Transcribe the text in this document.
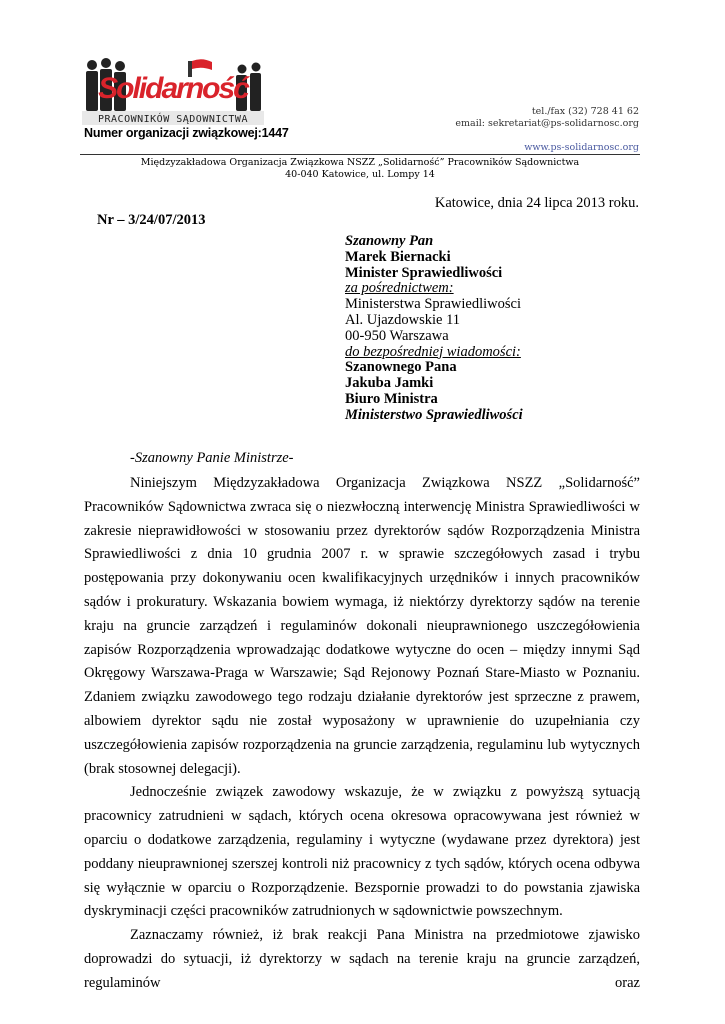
Solidarność
PRACOWNIKÓW SĄDOWNICTWA
Numer organizacji związkowej:1447
tel./fax (32) 728 41 62
email: sekretariat@ps-solidarnosc.org
www.ps-solidarnosc.org
Międzyzakładowa Organizacja Związkowa NSZZ „Solidarność” Pracowników Sądownictwa
40-040 Katowice, ul. Lompy 14
Katowice, dnia 24 lipca 2013 roku.
Nr – 3/24/07/2013
Szanowny Pan
Marek Biernacki
Minister Sprawiedliwości
za pośrednictwem:
Ministerstwa Sprawiedliwości
Al. Ujazdowskie 11
00-950 Warszawa
do bezpośredniej wiadomości:
Szanownego Pana
Jakuba Jamki
Biuro Ministra
Ministerstwo Sprawiedliwości
-Szanowny Panie Ministrze-

Niniejszym Międzyzakładowa Organizacja Związkowa NSZZ „Solidarność” Pracowników Sądownictwa zwraca się o niezwłoczną interwencję Ministra Sprawiedliwości w zakresie nieprawidłowości w stosowaniu przez dyrektorów sądów Rozporządzenia Ministra Sprawiedliwości z dnia 10 grudnia 2007 r. w sprawie szczegółowych zasad i trybu postępowania przy dokonywaniu ocen kwalifikacyjnych urzędników i innych pracowników sądów i prokuratury. Wskazania bowiem wymaga, iż niektórzy dyrektorzy sądów na terenie kraju na gruncie zarządzeń i regulaminów dokonali nieuprawnionego uszczegółowienia zapisów Rozporządzenia wprowadzając dodatkowe wytyczne do ocen – między innymi Sąd Okręgowy Warszawa-Praga w Warszawie; Sąd Rejonowy Poznań Stare-Miasto w Poznaniu. Zdaniem związku zawodowego tego rodzaju działanie dyrektorów jest sprzeczne z prawem, albowiem dyrektor sądu nie został wyposażony w uprawnienie do uzupełniania czy uszczegółowienia zapisów rozporządzenia na gruncie zarządzenia, regulaminu lub wytycznych (brak stosownej delegacji).

Jednocześnie związek zawodowy wskazuje, że w związku z powyższą sytuacją pracownicy zatrudnieni w sądach, których ocena okresowa opracowywana jest również w oparciu o dodatkowe zarządzenia, regulaminy i wytyczne (wydawane przez dyrektora) jest poddany nieuprawnionej szerszej kontroli niż pracownicy z tych sądów, których ocena odbywa się wyłącznie w oparciu o Rozporządzenie. Bezspornie prowadzi to do powstania zjawiska dyskryminacji części pracowników zatrudnionych w sądownictwie powszechnym.

Zaznaczamy również, iż brak reakcji Pana Ministra na przedmiotowe zjawisko doprowadzi do sytuacji, iż dyrektorzy w sądach na terenie kraju na gruncie zarządzeń, regulaminów oraz
